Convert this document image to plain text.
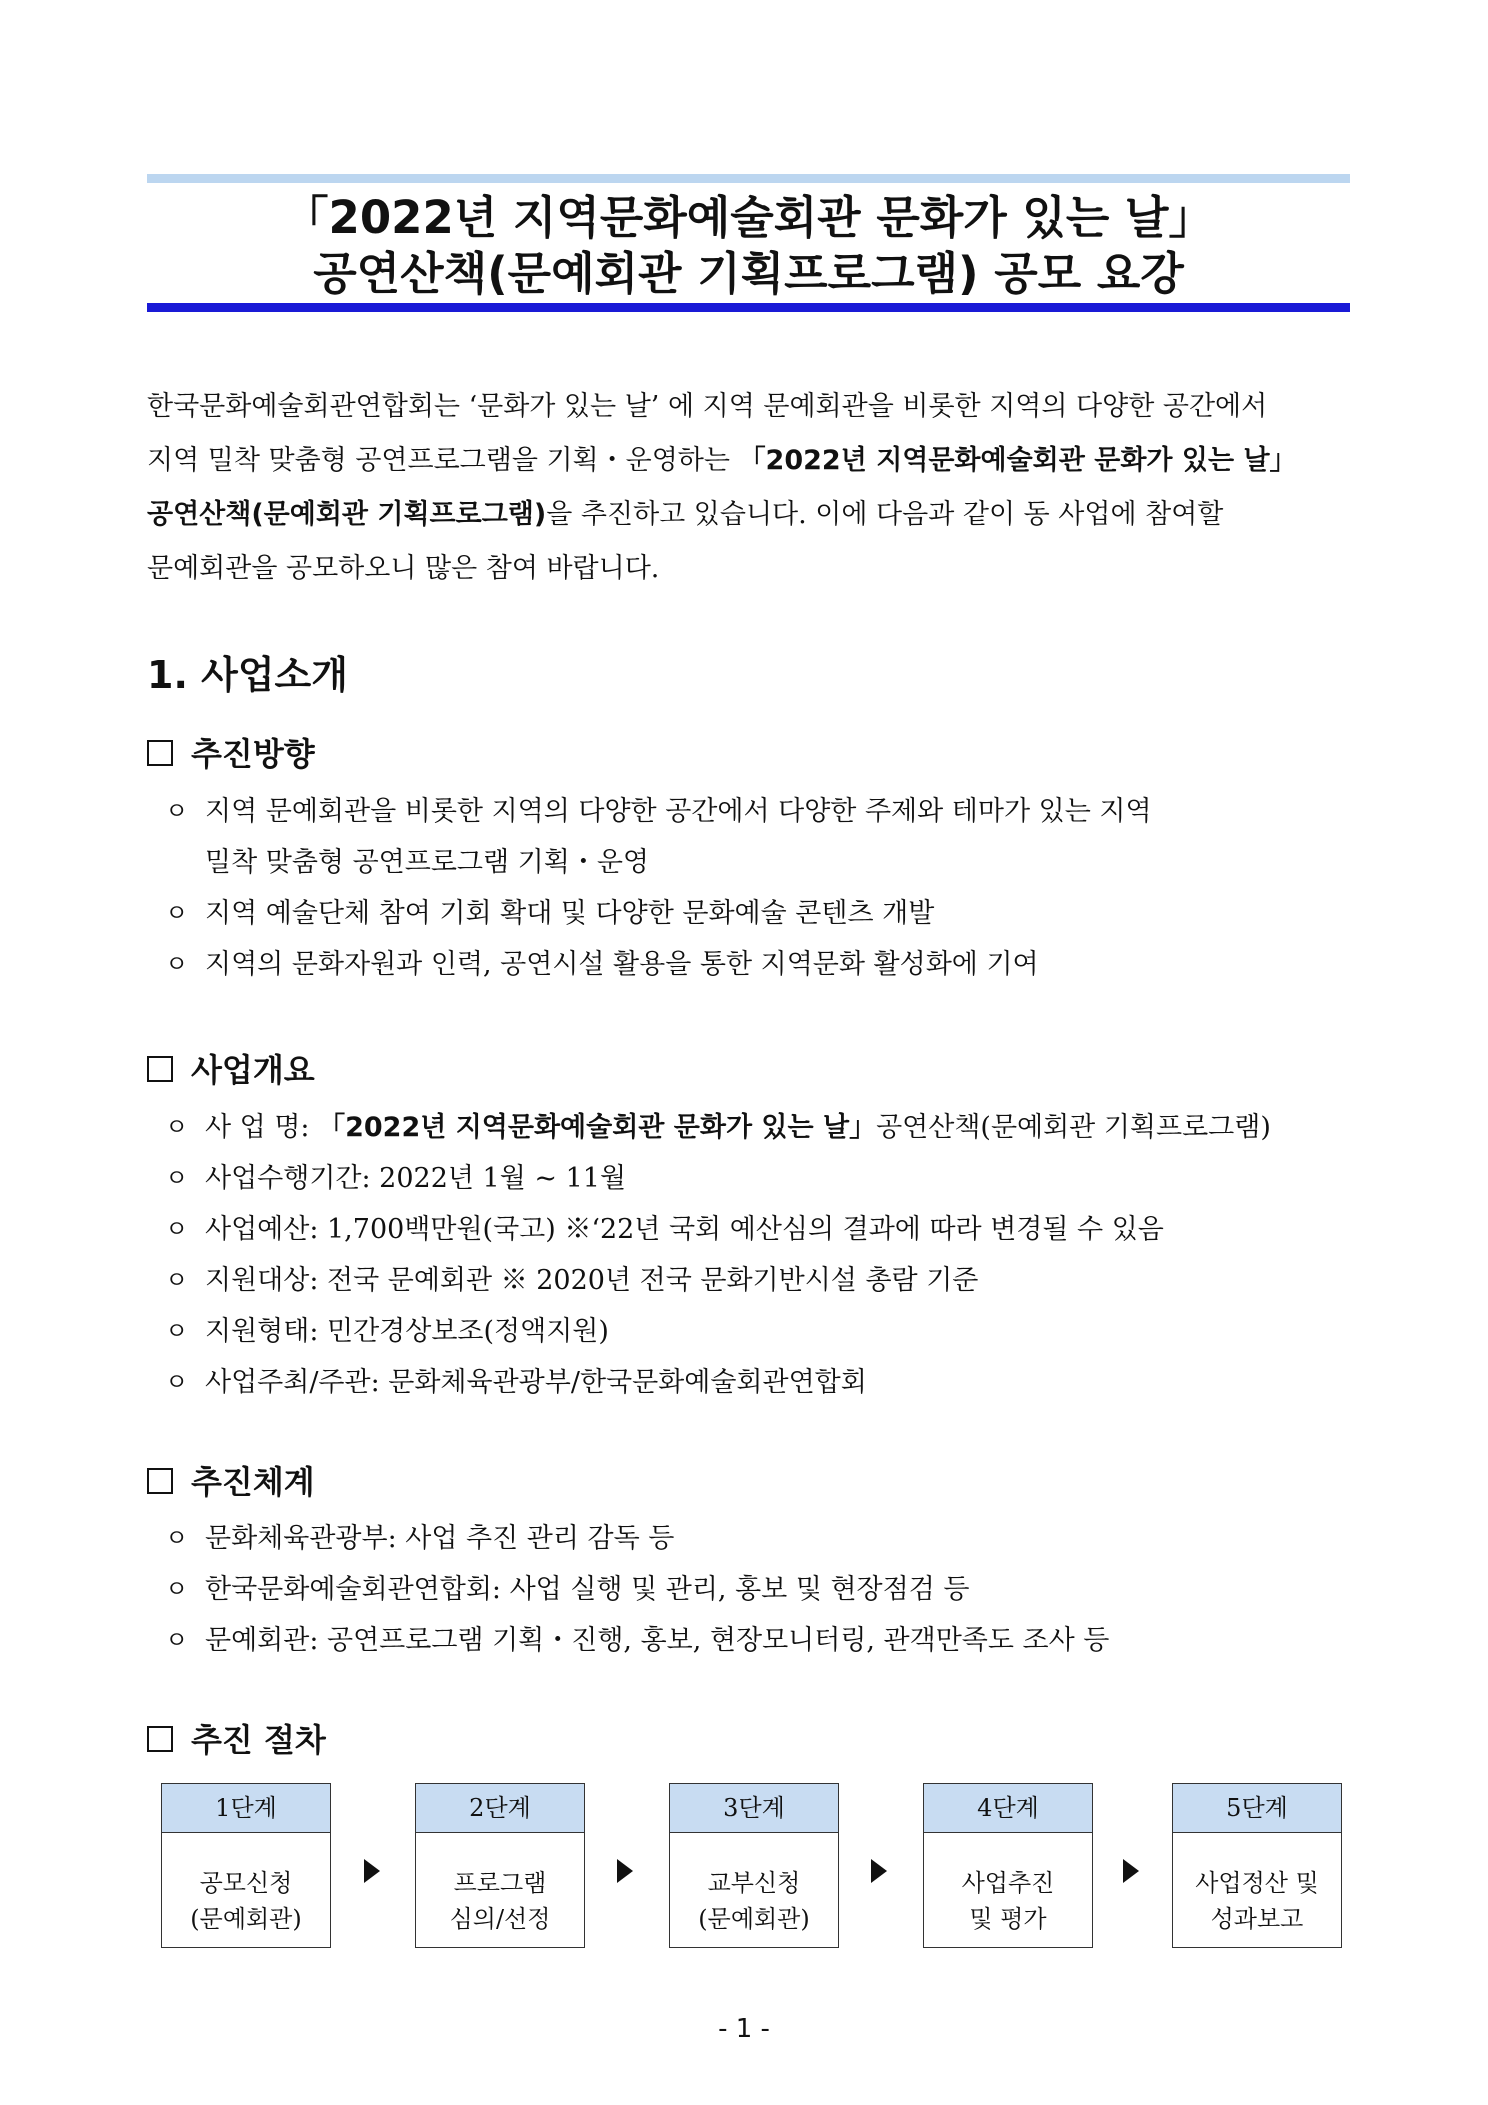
「2022년 지역문화예술회관 문화가 있는 날」
공연산책(문예회관 기획프로그램) 공모 요강

한국문화예술회관연합회는 ‘문화가 있는 날’ 에 지역 문예회관을 비롯한 지역의 다양한 공간에서

지역 밀착 맞춤형 공연프로그램을 기획・운영하는 「2022년 지역문화예술회관 문화가 있는 날」

공연산책(문예회관 기획프로그램)을 추진하고 있습니다. 이에 다음과 같이 동 사업에 참여할

문예회관을 공모하오니 많은 참여 바랍니다.

1. 사업소개
추진방향
ㅇ 지역 문예회관을 비롯한 지역의 다양한 공간에서 다양한 주제와 테마가 있는 지역
밀착 맞춤형 공연프로그램 기획・운영
ㅇ 지역 예술단체 참여 기회 확대 및 다양한 문화예술 콘텐츠 개발
ㅇ 지역의 문화자원과 인력, 공연시설 활용을 통한 지역문화 활성화에 기여
사업개요
ㅇ 사 업 명: 「2022년 지역문화예술회관 문화가 있는 날」공연산책(문예회관 기획프로그램)
ㅇ 사업수행기간: 2022년 1월 ~ 11월
ㅇ 사업예산: 1,700백만원(국고) ※‘22년 국회 예산심의 결과에 따라 변경될 수 있음
ㅇ 지원대상: 전국 문예회관 ※ 2020년 전국 문화기반시설 총람 기준
ㅇ 지원형태: 민간경상보조(정액지원)
ㅇ 사업주최/주관: 문화체육관광부/한국문화예술회관연합회
추진체계
ㅇ 문화체육관광부: 사업 추진 관리 감독 등
ㅇ 한국문화예술회관연합회: 사업 실행 및 관리, 홍보 및 현장점검 등
ㅇ 문예회관: 공연프로그램 기획・진행, 홍보, 현장모니터링, 관객만족도 조사 등
추진 절차
1단계
공모신청
(문예회관)
2단계
프로그램
심의/선정
3단계
교부신청
(문예회관)
4단계
사업추진
및 평가
5단계
사업정산 및
성과보고
- 1 -
